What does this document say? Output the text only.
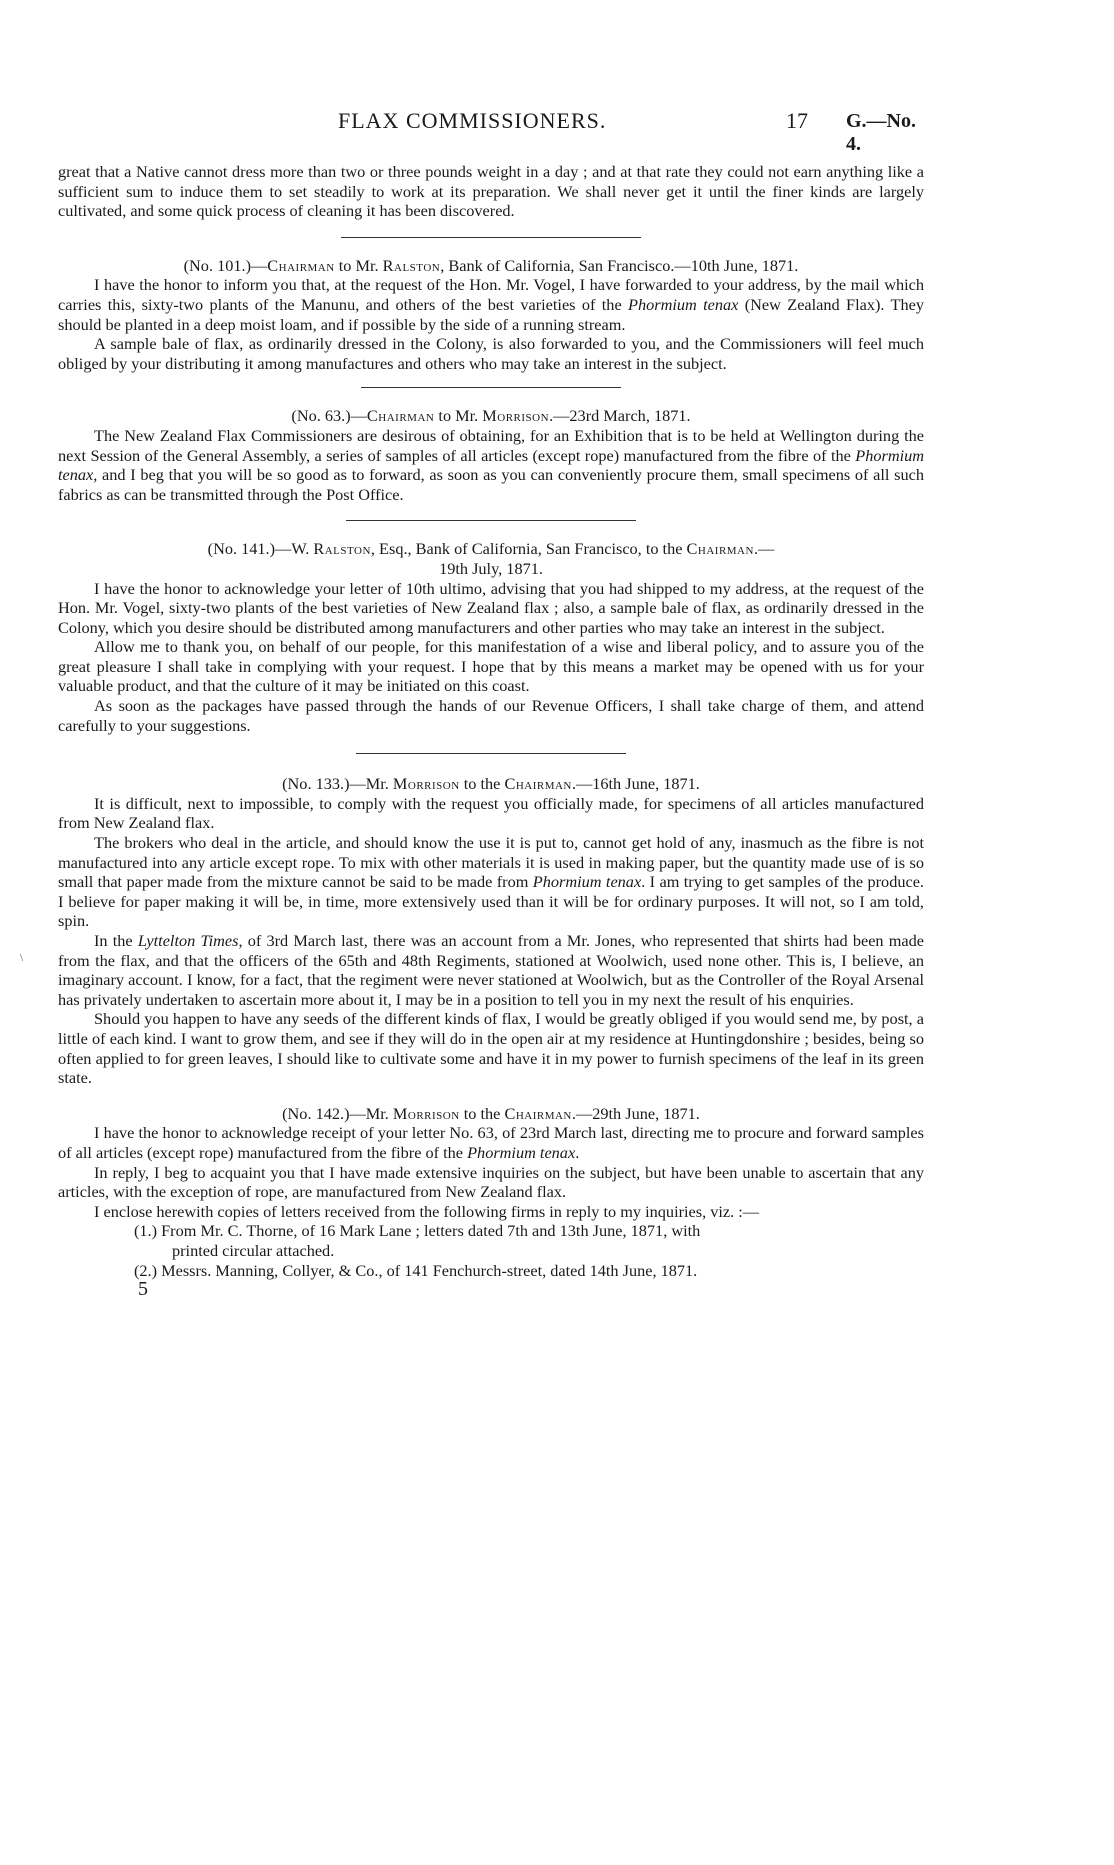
FLAX COMMISSIONERS.	17 G.—No. 4.

great that a Native cannot dress more than two or three pounds weight in a day ; and at that rate they could not earn anything like a sufficient sum to induce them to set steadily to work at its preparation. We shall never get it until the finer kinds are largely cultivated, and some quick process of cleaning it has been discovered.

(No. 101.)—Chairman to Mr. Ralston, Bank of California, San Francisco.—10th June, 1871.

I have the honor to inform you that, at the request of the Hon. Mr. Vogel, I have forwarded to your address, by the mail which carries this, sixty-two plants of the Manunu, and others of the best varieties of the Phormium tenax (New Zealand Flax). They should be planted in a deep moist loam, and if possible by the side of a running stream.

A sample bale of flax, as ordinarily dressed in the Colony, is also forwarded to you, and the Commissioners will feel much obliged by your distributing it among manufactures and others who may take an interest in the subject.

(No. 63.)—Chairman to Mr. Morrison.—23rd March, 1871.

The New Zealand Flax Commissioners are desirous of obtaining, for an Exhibition that is to be held at Wellington during the next Session of the General Assembly, a series of samples of all articles (except rope) manufactured from the fibre of the Phormium tenax, and I beg that you will be so good as to forward, as soon as you can conveniently procure them, small specimens of all such fabrics as can be transmitted through the Post Office.

(No. 141.)—W. Ralston, Esq., Bank of California, San Francisco, to the Chairman.—

19th July, 1871.

I have the honor to acknowledge your letter of 10th ultimo, advising that you had shipped to my address, at the request of the Hon. Mr. Vogel, sixty-two plants of the best varieties of New Zealand flax ; also, a sample bale of flax, as ordinarily dressed in the Colony, which you desire should be distributed among manufacturers and other parties who may take an interest in the subject.

Allow me to thank you, on behalf of our people, for this manifestation of a wise and liberal policy, and to assure you of the great pleasure I shall take in complying with your request. I hope that by this means a market may be opened with us for your valuable product, and that the culture of it may be initiated on this coast.

As soon as the packages have passed through the hands of our Revenue Officers, I shall take charge of them, and attend carefully to your suggestions.

(No. 133.)—Mr. Morrison to the Chairman.—16th June, 1871.

It is difficult, next to impossible, to comply with the request you officially made, for specimens of all articles manufactured from New Zealand flax.

The brokers who deal in the article, and should know the use it is put to, cannot get hold of any, inasmuch as the fibre is not manufactured into any article except rope. To mix with other materials it is used in making paper, but the quantity made use of is so small that paper made from the mixture cannot be said to be made from Phormium tenax. I am trying to get samples of the produce. I believe for paper making it will be, in time, more extensively used than it will be for ordinary purposes. It will not, so I am told, spin.

In the Lyttelton Times, of 3rd March last, there was an account from a Mr. Jones, who represented that shirts had been made from the flax, and that the officers of the 65th and 48th Regiments, stationed at Woolwich, used none other. This is, I believe, an imaginary account. I know, for a fact, that the regiment were never stationed at Woolwich, but as the Controller of the Royal Arsenal has privately undertaken to ascertain more about it, I may be in a position to tell you in my next the result of his enquiries.

Should you happen to have any seeds of the different kinds of flax, I would be greatly obliged if you would send me, by post, a little of each kind. I want to grow them, and see if they will do in the open air at my residence at Huntingdonshire ; besides, being so often applied to for green leaves, I should like to cultivate some and have it in my power to furnish specimens of the leaf in its green state.

(No. 142.)—Mr. Morrison to the Chairman.—29th June, 1871.

I have the honor to acknowledge receipt of your letter No. 63, of 23rd March last, directing me to procure and forward samples of all articles (except rope) manufactured from the fibre of the Phormium tenax.

In reply, I beg to acquaint you that I have made extensive inquiries on the subject, but have been unable to ascertain that any articles, with the exception of rope, are manufactured from New Zealand flax.

I enclose herewith copies of letters received from the following firms in reply to my inquiries, viz. :—

(1.) From Mr. C. Thorne, of 16 Mark Lane ; letters dated 7th and 13th June, 1871, with
printed circular attached.

(2.) Messrs. Manning, Collyer, & Co., of 141 Fenchurch-street, dated 14th June, 1871.

5

\
